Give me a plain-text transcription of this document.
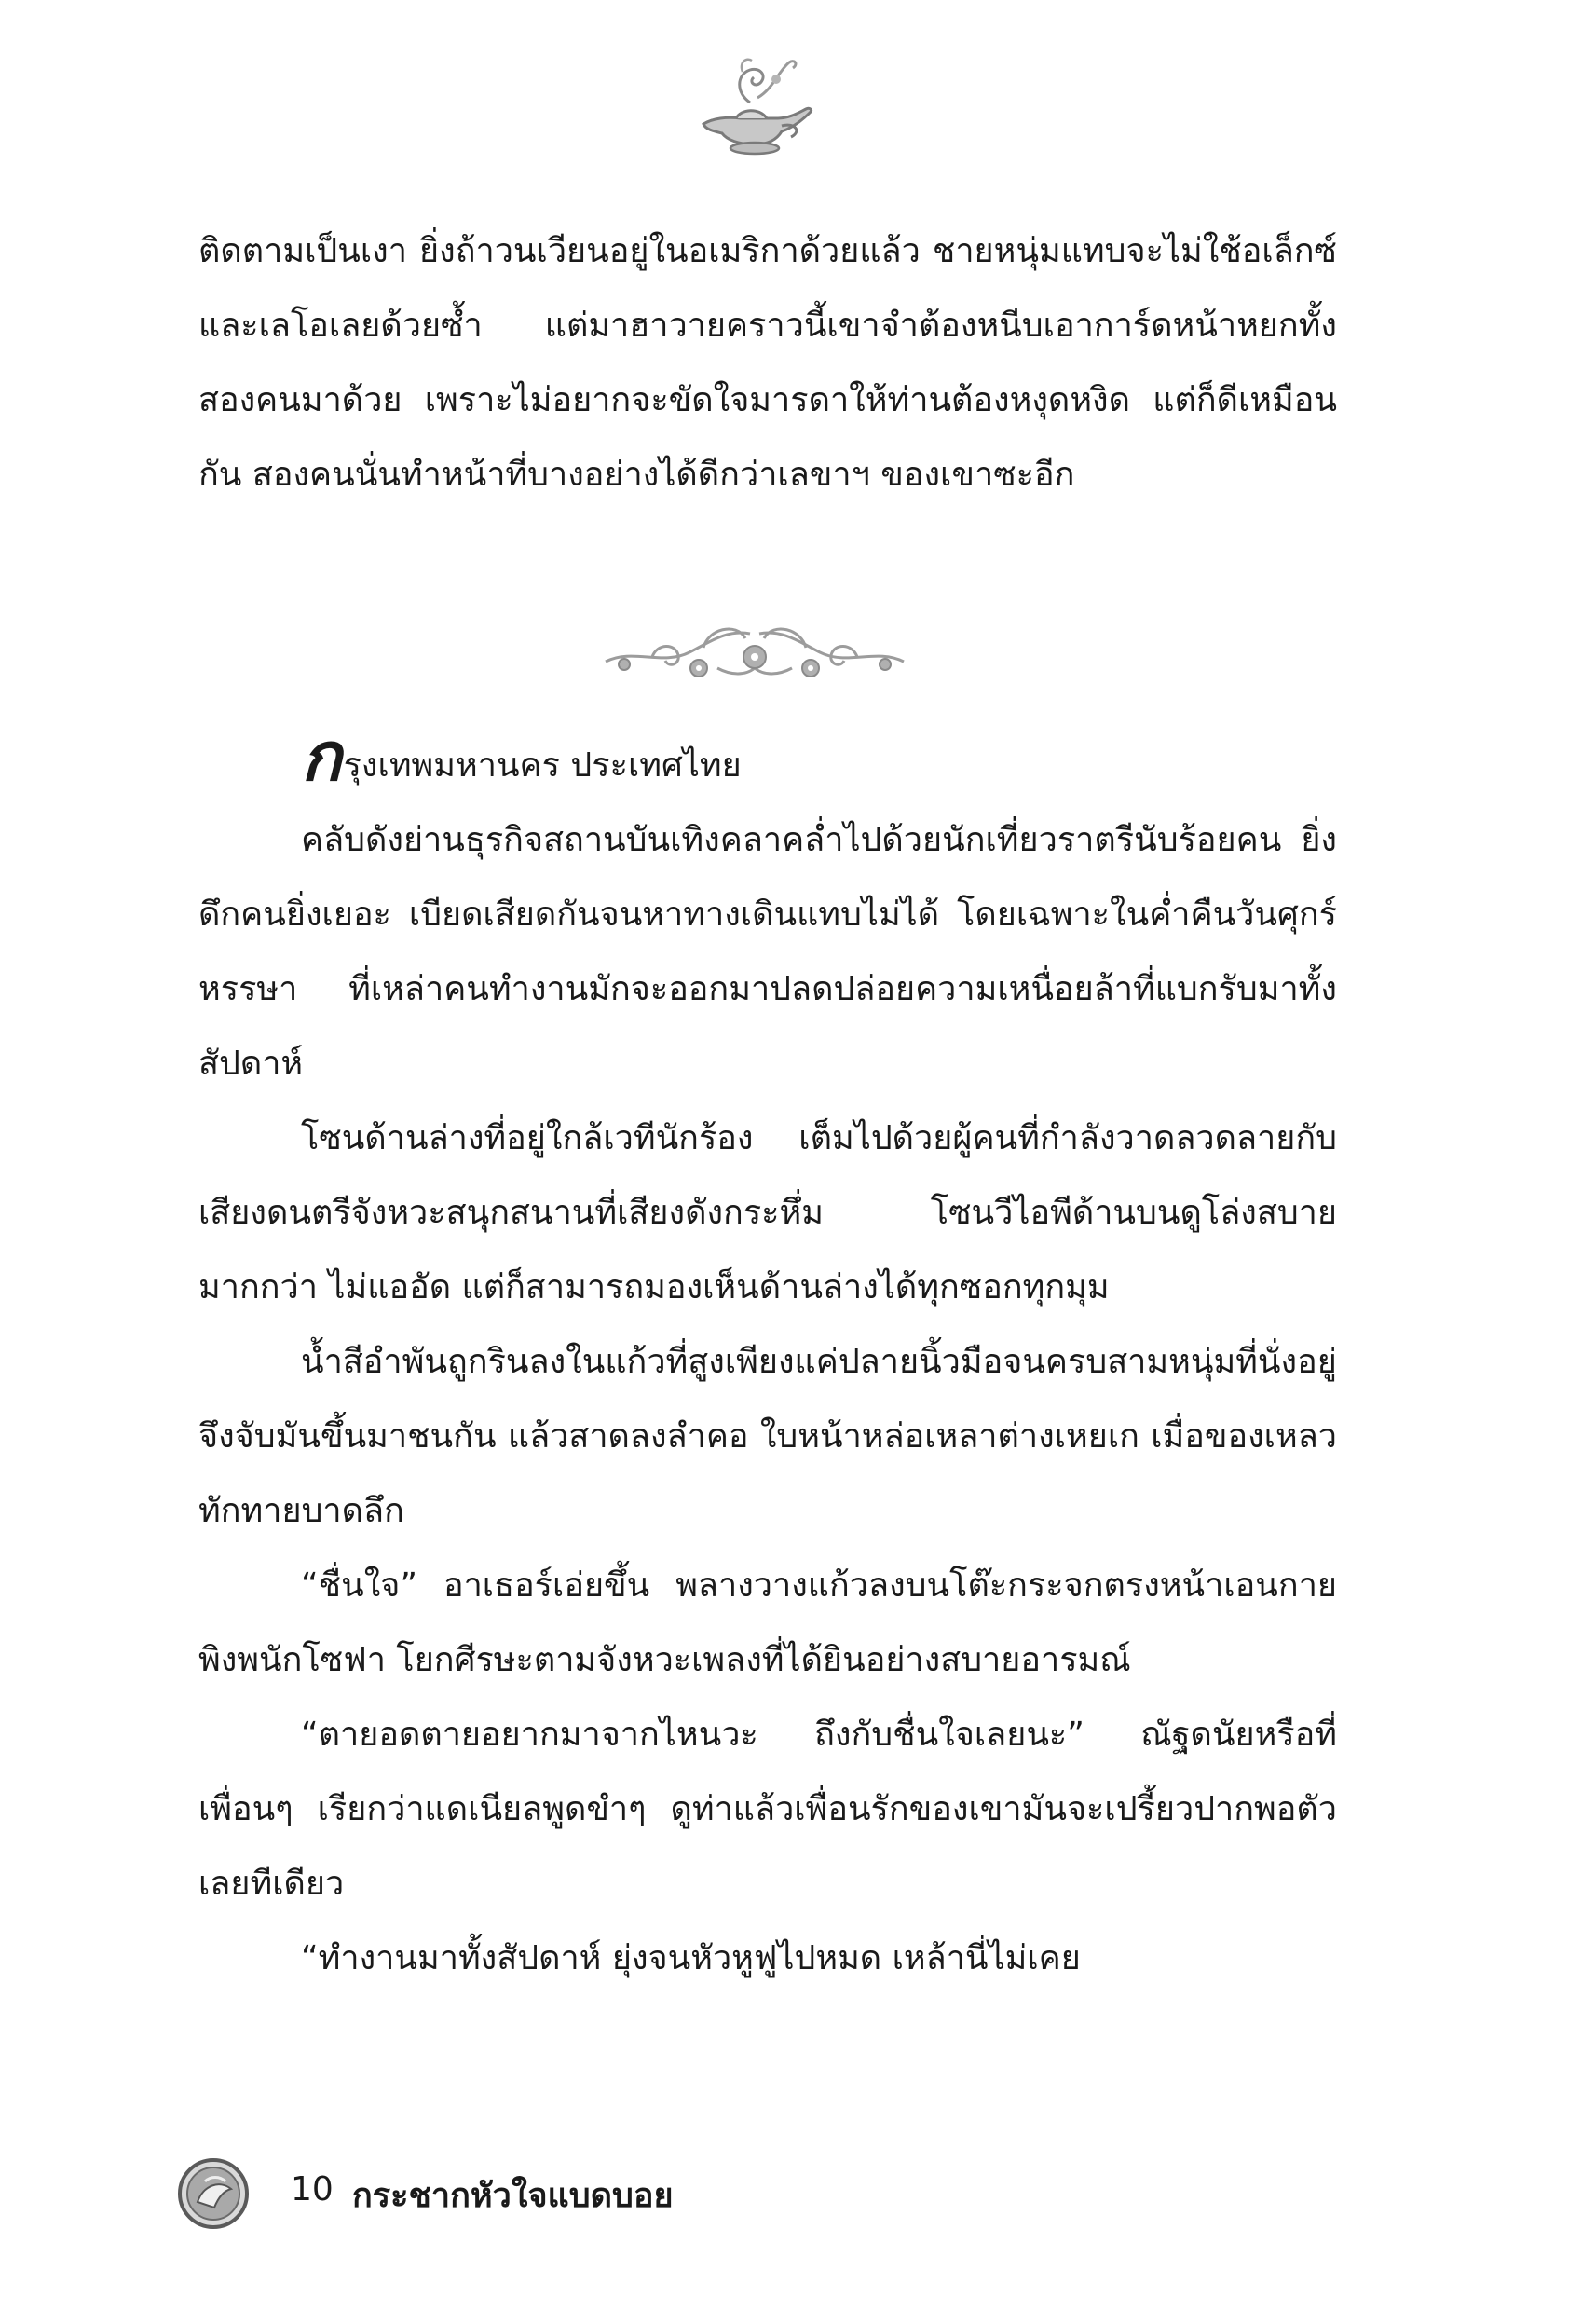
ติดตามเป็นเงา ยิ่งถ้าวนเวียนอยู่ในอเมริกาด้วยแล้ว ชายหนุ่มแทบจะไม่ใช้อเล็กซ์และเลโอเลยด้วยซ้ำ แต่มาฮาวายคราวนี้เขาจำต้องหนีบเอาการ์ดหน้าหยกทั้งสองคนมาด้วย เพราะไม่อยากจะขัดใจมารดาให้ท่านต้องหงุดหงิด แต่ก็ดีเหมือนกัน สองคนนั่นทำหน้าที่บางอย่างได้ดีกว่าเลขาฯ ของเขาซะอีก

กรุงเทพมหานคร ประเทศไทย

คลับดังย่านธุรกิจสถานบันเทิงคลาคล่ำไปด้วยนักเที่ยวราตรีนับร้อยคน ยิ่งดึกคนยิ่งเยอะ เบียดเสียดกันจนหาทางเดินแทบไม่ได้ โดยเฉพาะในค่ำคืนวันศุกร์หรรษา ที่เหล่าคนทำงานมักจะออกมาปลดปล่อยความเหนื่อยล้าที่แบกรับมาทั้งสัปดาห์

โซนด้านล่างที่อยู่ใกล้เวทีนักร้อง เต็มไปด้วยผู้คนที่กำลังวาดลวดลายกับเสียงดนตรีจังหวะสนุกสนานที่เสียงดังกระหึ่ม โซนวีไอพีด้านบนดูโล่งสบายมากกว่า ไม่แออัด แต่ก็สามารถมองเห็นด้านล่างได้ทุกซอกทุกมุม

น้ำสีอำพันถูกรินลงในแก้วที่สูงเพียงแค่ปลายนิ้วมือจนครบสามหนุ่มที่นั่งอยู่จึงจับมันขึ้นมาชนกัน แล้วสาดลงลำคอ ใบหน้าหล่อเหลาต่างเหยเก เมื่อของเหลวทักทายบาดลึก

“ชื่นใจ” อาเธอร์เอ่ยขึ้น พลางวางแก้วลงบนโต๊ะกระจกตรงหน้าเอนกายพิงพนักโซฟา โยกศีรษะตามจังหวะเพลงที่ได้ยินอย่างสบายอารมณ์

“ตายอดตายอยากมาจากไหนวะ ถึงกับชื่นใจเลยนะ” ณัฐดนัยหรือที่เพื่อนๆ เรียกว่าแดเนียลพูดขำๆ ดูท่าแล้วเพื่อนรักของเขามันจะเปรี้ยวปากพอตัวเลยทีเดียว

“ทำงานมาทั้งสัปดาห์ ยุ่งจนหัวหูฟูไปหมด เหล้านี่ไม่เคย

10 กระชากหัวใจแบดบอย
